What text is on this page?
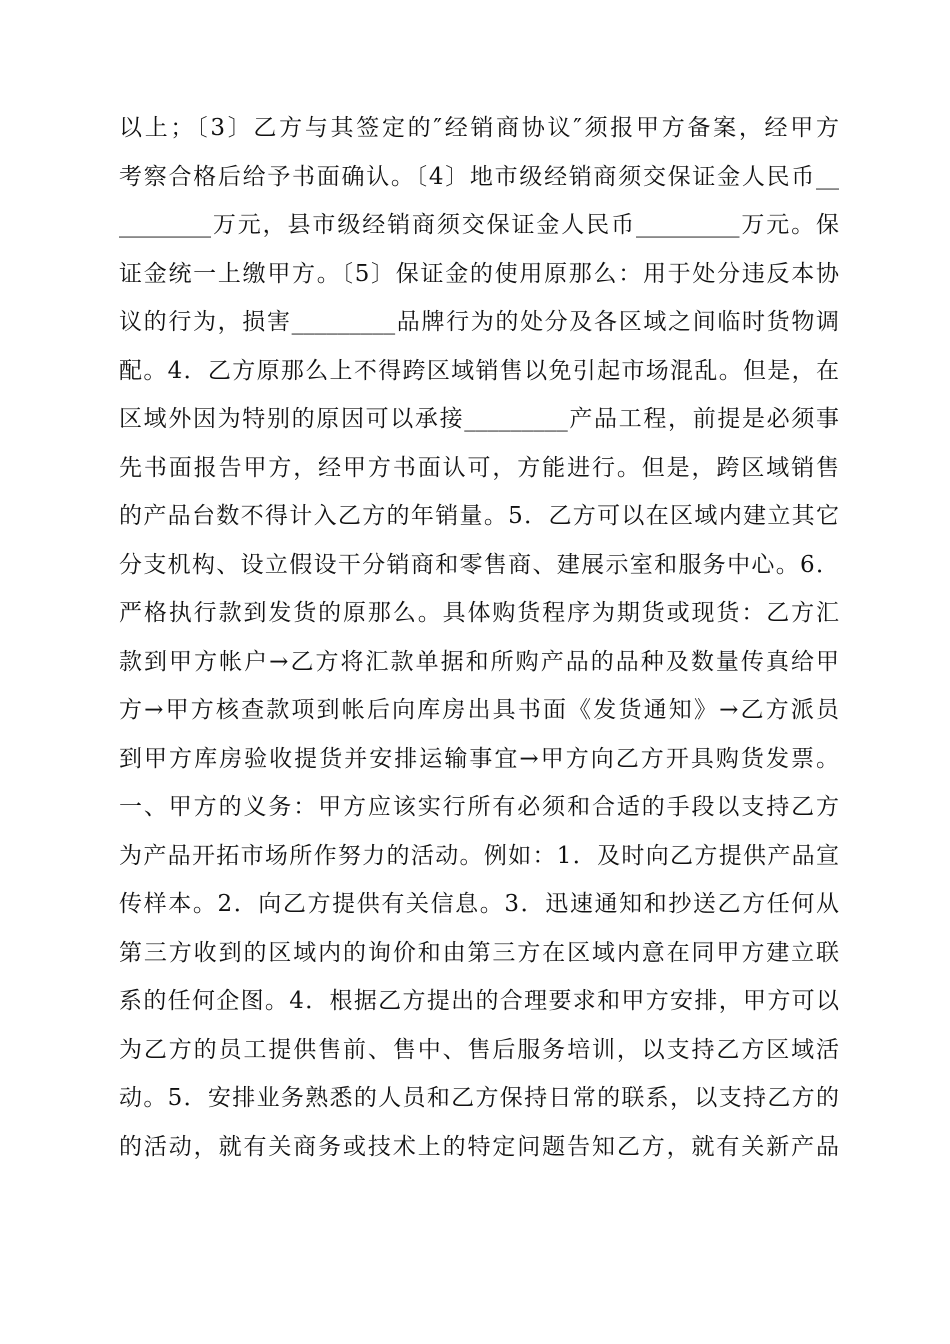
以上；〔3〕乙方与其签定的″经销商协议″须报甲方备案，经甲方
考察合格后给予书面确认。〔4〕地市级经销商须交保证金人民币__
________万元，县市级经销商须交保证金人民币_________万元。保
证金统一上缴甲方。〔5〕保证金的使用原那么：用于处分违反本协
议的行为，损害_________品牌行为的处分及各区域之间临时货物调
配。4．乙方原那么上不得跨区域销售以免引起市场混乱。但是，在
区域外因为特别的原因可以承接_________产品工程，前提是必须事
先书面报告甲方，经甲方书面认可，方能进行。但是，跨区域销售
的产品台数不得计入乙方的年销量。5．乙方可以在区域内建立其它
分支机构、设立假设干分销商和零售商、建展示室和服务中心。6．
严格执行款到发货的原那么。具体购货程序为期货或现货：乙方汇
款到甲方帐户→乙方将汇款单据和所购产品的品种及数量传真给甲
方→甲方核查款项到帐后向库房出具书面《发货通知》→乙方派员
到甲方库房验收提货并安排运输事宜→甲方向乙方开具购货发票。
一、甲方的义务：甲方应该实行所有必须和合适的手段以支持乙方
为产品开拓市场所作努力的活动。例如：1．及时向乙方提供产品宣
传样本。2．向乙方提供有关信息。3．迅速通知和抄送乙方任何从
第三方收到的区域内的询价和由第三方在区域内意在同甲方建立联
系的任何企图。4．根据乙方提出的合理要求和甲方安排，甲方可以
为乙方的员工提供售前、售中、售后服务培训，以支持乙方区域活
动。5．安排业务熟悉的人员和乙方保持日常的联系，以支持乙方的
的活动，就有关商务或技术上的特定问题告知乙方，就有关新产品
